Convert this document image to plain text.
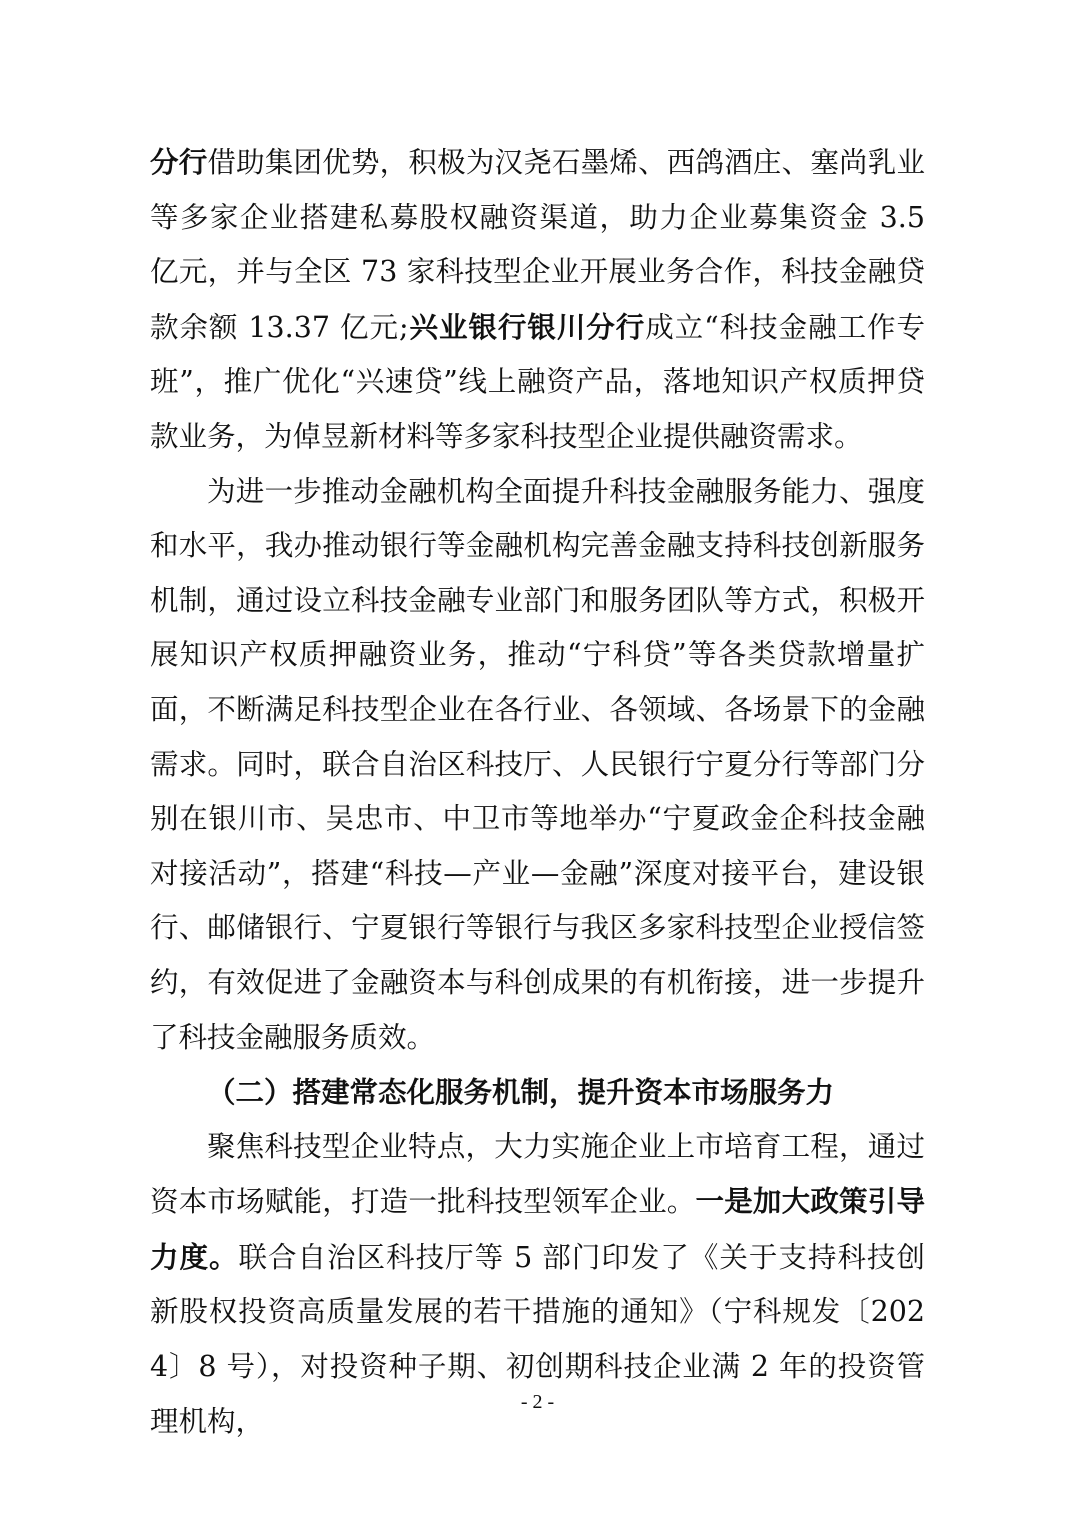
分行借助集团优势，积极为汉尧石墨烯、西鸽酒庄、塞尚乳业等多家企业搭建私募股权融资渠道，助力企业募集资金 3.5 亿元，并与全区 73 家科技型企业开展业务合作，科技金融贷款余额 13.37 亿元;兴业银行银川分行成立“科技金融工作专班”，推广优化“兴速贷”线上融资产品，落地知识产权质押贷款业务，为倬昱新材料等多家科技型企业提供融资需求。

为进一步推动金融机构全面提升科技金融服务能力、强度和水平，我办推动银行等金融机构完善金融支持科技创新服务机制，通过设立科技金融专业部门和服务团队等方式，积极开展知识产权质押融资业务，推动“宁科贷”等各类贷款增量扩面，不断满足科技型企业在各行业、各领域、各场景下的金融需求。同时，联合自治区科技厅、人民银行宁夏分行等部门分别在银川市、吴忠市、中卫市等地举办“宁夏政金企科技金融对接活动”，搭建“科技—产业—金融”深度对接平台，建设银行、邮储银行、宁夏银行等银行与我区多家科技型企业授信签约，有效促进了金融资本与科创成果的有机衔接，进一步提升了科技金融服务质效。

（二）搭建常态化服务机制，提升资本市场服务力

聚焦科技型企业特点，大力实施企业上市培育工程，通过资本市场赋能，打造一批科技型领军企业。一是加大政策引导力度。联合自治区科技厅等 5 部门印发了《关于支持科技创新股权投资高质量发展的若干措施的通知》（宁科规发〔2024〕8 号），对投资种子期、初创期科技企业满 2 年的投资管理机构，

- 2 -
